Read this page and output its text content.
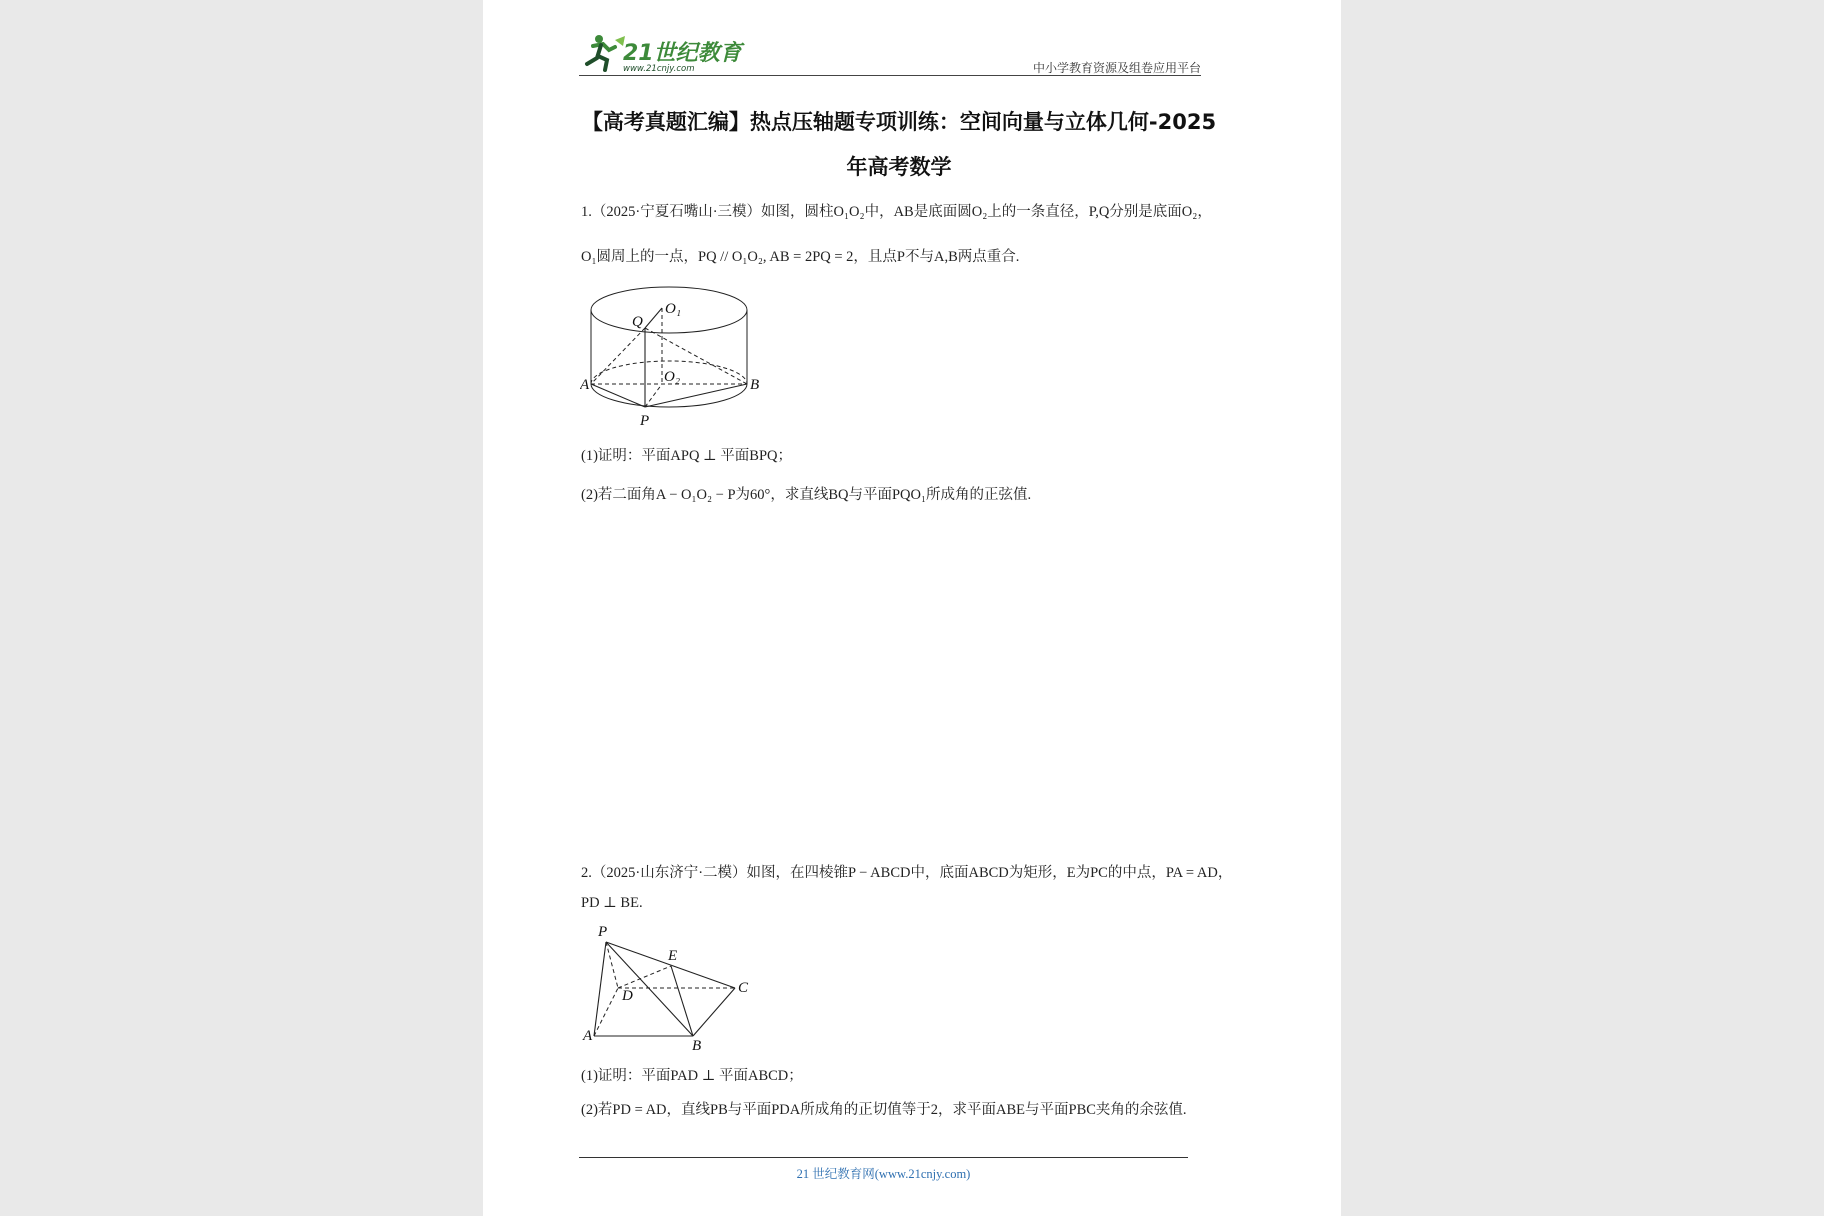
21世纪教育
www.21cnjy.com	中小学教育资源及组卷应用平台
【高考真题汇编】热点压轴题专项训练：空间向量与立体几何-2025
年高考数学
1.（2025·宁夏石嘴山·三模）如图，圆柱O₁O₂中，AB是底面圆O₂上的一条直径，P,Q分别是底面O₂，
O₁圆周上的一点，PQ // O₁O₂, AB = 2PQ = 2，且点P不与A,B两点重合.
Q
O₁
O₂
A	B
P
(1)证明：平面APQ ⊥ 平面BPQ；
(2)若二面角A − O₁O₂ − P为60°，求直线BQ与平面PQO₁所成角的正弦值.
2.（2025·山东济宁·二模）如图，在四棱锥P − ABCD中，底面ABCD为矩形，E为PC的中点，PA = AD，
PD ⊥ BE.
P
E
C
D
A
B
(1)证明：平面PAD ⊥ 平面ABCD；
(2)若PD = AD，直线PB与平面PDA所成角的正切值等于2，求平面ABE与平面PBC夹角的余弦值.
21 世纪教育网(www.21cnjy.com)
